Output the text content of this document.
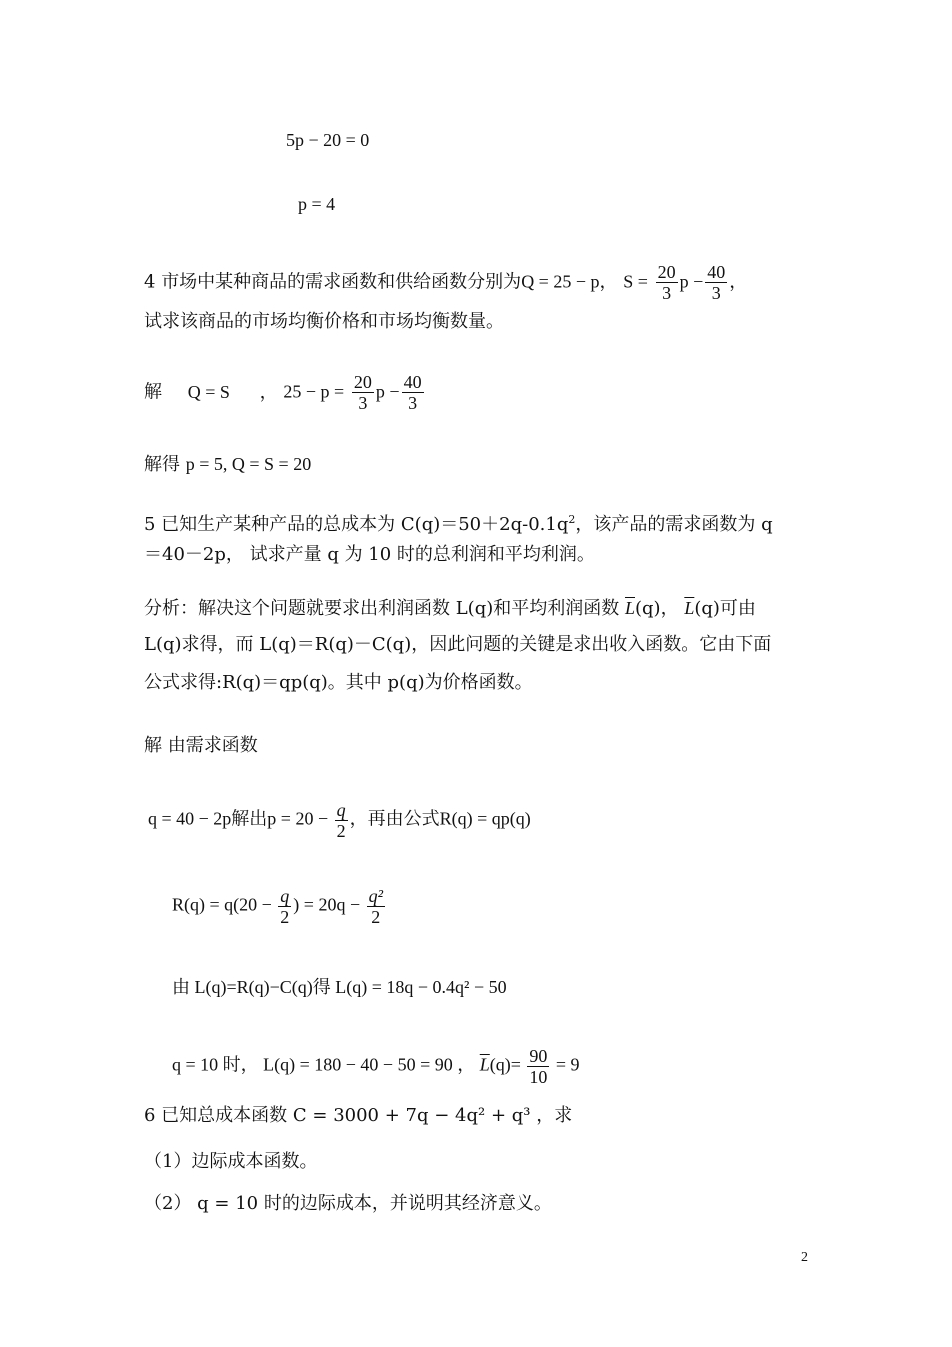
5p − 20 = 0
p = 4
4 市场中某种商品的需求函数和供给函数分别为Q = 25 − p， $S = \frac{20}{3}$ $p - \frac{40}{3}$ ，
试求该商品的市场均衡价格和市场均衡数量。
解 Q = S ， $25 - p = \frac{20}{3}$ $p - \frac{40}{3}$
解得 p = 5, Q = S = 20
5 已知生产某种产品的总成本为 $C(q)=50+2q-0.1q^2$，该产品的需求函数为 q
＝40－2p， 试求产量 q 为 10 时的总利润和平均利润。
分析：解决这个问题就要求出利润函数 L(q)和平均利润函数 $\overline{L}(q)$， $\overline{L}(q)$可由
L(q)求得，而 L(q)＝R(q)－C(q)，因此问题的关键是求出收入函数。它由下面
公式求得:R(q)＝qp(q)。其中 p(q)为价格函数。
解 由需求函数
q = 40 − 2p解出$p = 20 - \frac{q}{2}$ ，再由公式R(q) = qp(q)
$R(q) = q(20 - \frac{q}{2}$ ) = $20q - \frac{\text{q²}}{2}$
由 L(q)=R(q)−C(q)得 L(q) = 18q − 0.4q² − 50
q = 10 时， L(q) = 180 − 40 − 50 = 90 ， $\overline{L}(q)= \frac{90}{10} = 9$
6 已知总成本函数 C = 3000 + 7q − 4q² + q³ ，求
（1）边际成本函数。
（2） q = 10 时的边际成本，并说明其经济意义。
2
